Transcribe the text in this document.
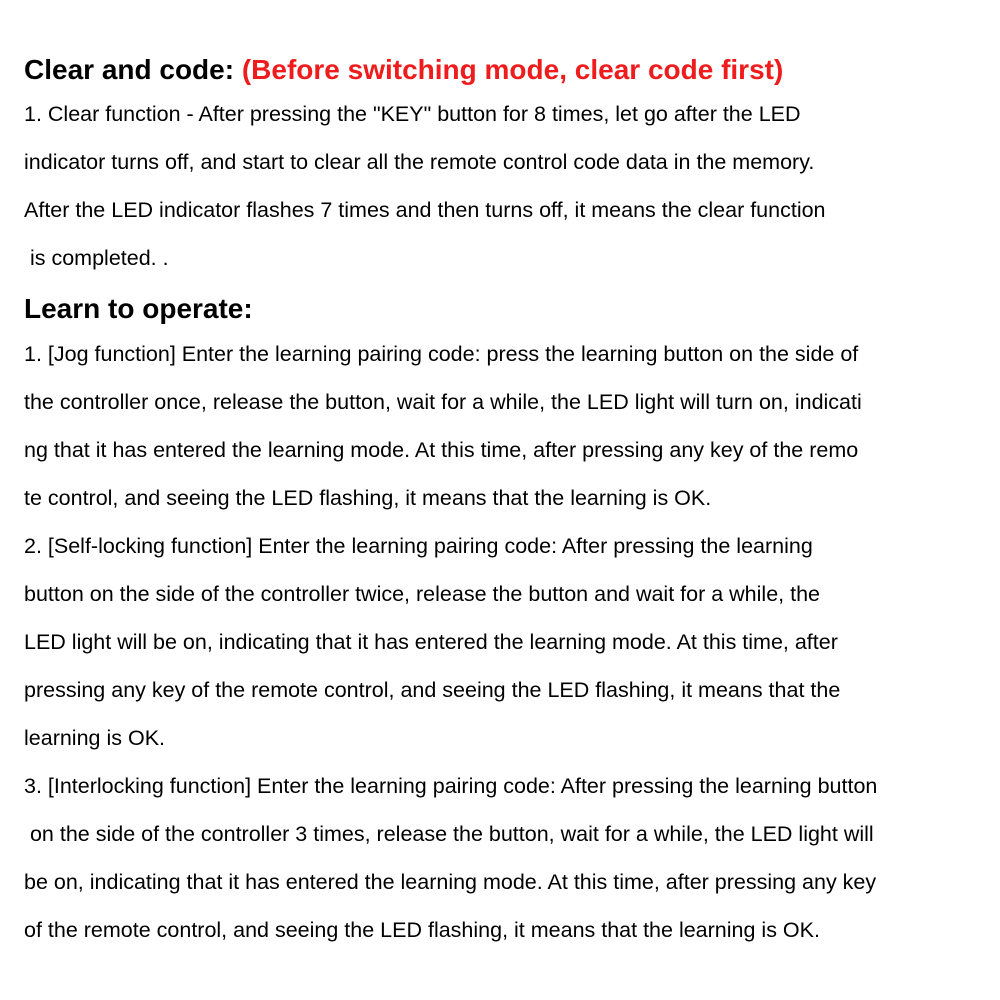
Clear and code: (Before switching mode, clear code first)
1. Clear function - After pressing the "KEY" button for 8 times, let go after the LED
indicator turns off, and start to clear all the remote control code data in the memory.
After the LED indicator flashes 7 times and then turns off, it means the clear function
is completed. .
Learn to operate:
1. [Jog function] Enter the learning pairing code: press the learning button on the side of
the controller once, release the button, wait for a while, the LED light will turn on, indicati
ng that it has entered the learning mode. At this time, after pressing any key of the remo
te control, and seeing the LED flashing, it means that the learning is OK.
2. [Self-locking function] Enter the learning pairing code: After pressing the learning
button on the side of the controller twice, release the button and wait for a while, the
LED light will be on, indicating that it has entered the learning mode. At this time, after
pressing any key of the remote control, and seeing the LED flashing, it means that the
learning is OK.
3. [Interlocking function] Enter the learning pairing code: After pressing the learning button
on the side of the controller 3 times, release the button, wait for a while, the LED light will
be on, indicating that it has entered the learning mode. At this time, after pressing any key
of the remote control, and seeing the LED flashing, it means that the learning is OK.
